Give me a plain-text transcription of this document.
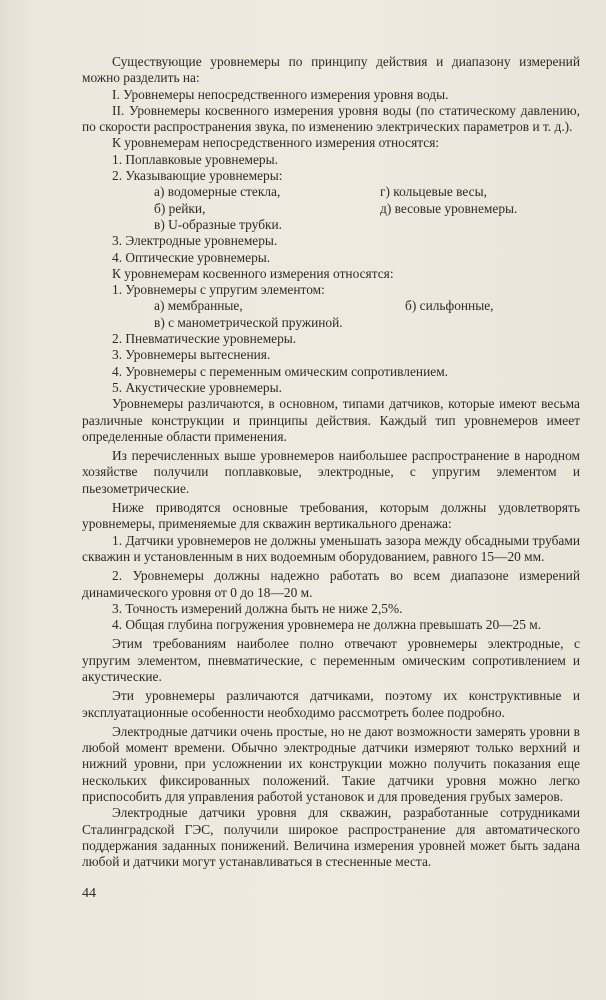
Существующие уровнемеры по принципу действия и диапазону измерений можно разделить на:

I. Уровнемеры непосредственного измерения уровня воды.

II. Уровнемеры косвенного измерения уровня воды (по статическому давлению, по скорости распространения звука, по изменению электрических параметров и т. д.).

К уровнемерам непосредственного измерения относятся:

1. Поплавковые уровнемеры.

2. Указывающие уровнемеры:

а) водомерные стекла,	г) кольцевые весы,
б) рейки,	д) весовые уровнемеры.

в) U-образные трубки.

3. Электродные уровнемеры.

4. Оптические уровнемеры.

К уровнемерам косвенного измерения относятся:

1. Уровнемеры с упругим элементом:

а) мембранные,	б) сильфонные,

в) с манометрической пружиной.

2. Пневматические уровнемеры.

3. Уровнемеры вытеснения.

4. Уровнемеры с переменным омическим сопротивлением.

5. Акустические уровнемеры.

Уровнемеры различаются, в основном, типами датчиков, которые имеют весьма различные конструкции и принципы действия. Каждый тип уровнемеров имеет определенные области применения.

Из перечисленных выше уровнемеров наибольшее распространение в народном хозяйстве получили поплавковые, электродные, с упругим элементом и пьезометрические.

Ниже приводятся основные требования, которым должны удовлетворять уровнемеры, применяемые для скважин вертикального дренажа:

1. Датчики уровнемеров не должны уменьшать зазора между обсадными трубами скважин и установленным в них водоемным оборудованием, равного 15—20 мм.

2. Уровнемеры должны надежно работать во всем диапазоне измерений динамического уровня от 0 до 18—20 м.

3. Точность измерений должна быть не ниже 2,5%.

4. Общая глубина погружения уровнемера не должна превышать 20—25 м.

Этим требованиям наиболее полно отвечают уровнемеры электродные, с упругим элементом, пневматические, с переменным омическим сопротивлением и акустические.

Эти уровнемеры различаются датчиками, поэтому их конструктивные и эксплуатационные особенности необходимо рассмотреть более подробно.

Электродные датчики очень простые, но не дают возможности замерять уровни в любой момент времени. Обычно электродные датчики измеряют только верхний и нижний уровни, при усложнении их конструкции можно получить показания еще нескольких фиксированных положений. Такие датчики уровня можно легко приспособить для управления работой установок и для проведения грубых замеров.

Электродные датчики уровня для скважин, разработанные сотрудниками Сталинградской ГЭС, получили широкое распространение для автоматического поддержания заданных понижений. Величина измерения уровней может быть задана любой и датчики могут устанавливаться в стесненные места.

44
